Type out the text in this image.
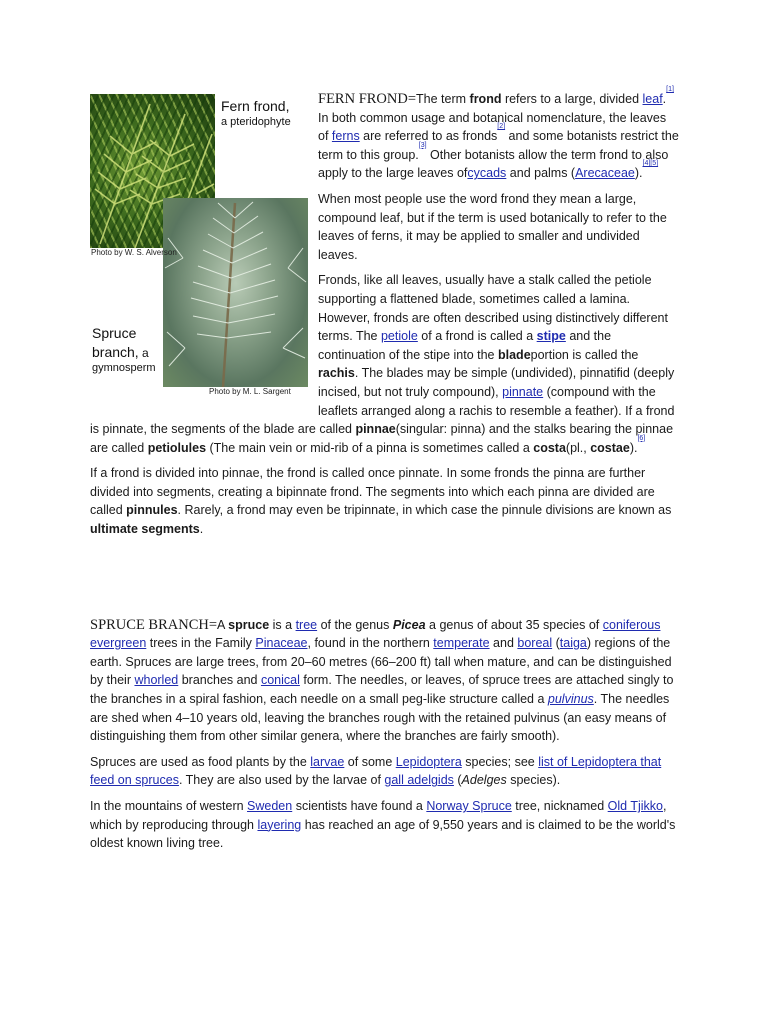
Fern frond,
a pteridophyte
Photo by W. S. Alverson
Spruce
branch, a
gymnosperm
Photo by M. L. Sargent

FERN FROND=The term frond refers to a large, divided leaf.[1] In both common usage and botanical nomenclature, the leaves of ferns are referred to as fronds[2] and some botanists restrict the term to this group.[3] Other botanists allow the term frond to also apply to the large leaves ofcycads and palms (Arecaceae).[4][5]

When most people use the word frond they mean a large, compound leaf, but if the term is used botanically to refer to the leaves of ferns, it may be applied to smaller and undivided leaves.

Fronds, like all leaves, usually have a stalk called the petiole supporting a flattened blade, sometimes called a lamina. However, fronds are often described using distinctively different terms. The petiole of a frond is called a stipe and the continuation of the stipe into the bladeportion is called the rachis. The blades may be simple (undivided), pinnatifid (deeply incised, but not truly compound), pinnate (compound with the leaflets arranged along a rachis to resemble a feather). If a frond is pinnate, the segments of the blade are called pinnae(singular: pinna) and the stalks bearing the pinnae are called petiolules (The main vein or mid-rib of a pinna is sometimes called a costa(pl., costae).[6]

If a frond is divided into pinnae, the frond is called once pinnate. In some fronds the pinna are further divided into segments, creating a bipinnate frond. The segments into which each pinna are divided are called pinnules. Rarely, a frond may even be tripinnate, in which case the pinnule divisions are known as ultimate segments.

SPRUCE BRANCH=A spruce is a tree of the genus Picea a genus of about 35 species of coniferous evergreen trees in the Family Pinaceae, found in the northern temperate and boreal (taiga) regions of the earth. Spruces are large trees, from 20–60 metres (66–200 ft) tall when mature, and can be distinguished by their whorled branches and conical form. The needles, or leaves, of spruce trees are attached singly to the branches in a spiral fashion, each needle on a small peg-like structure called a pulvinus. The needles are shed when 4–10 years old, leaving the branches rough with the retained pulvinus (an easy means of distinguishing them from other similar genera, where the branches are fairly smooth).

Spruces are used as food plants by the larvae of some Lepidoptera species; see list of Lepidoptera that feed on spruces. They are also used by the larvae of gall adelgids (Adelges species).

In the mountains of western Sweden scientists have found a Norway Spruce tree, nicknamed Old Tjikko, which by reproducing through layering has reached an age of 9,550 years and is claimed to be the world's oldest known living tree.
